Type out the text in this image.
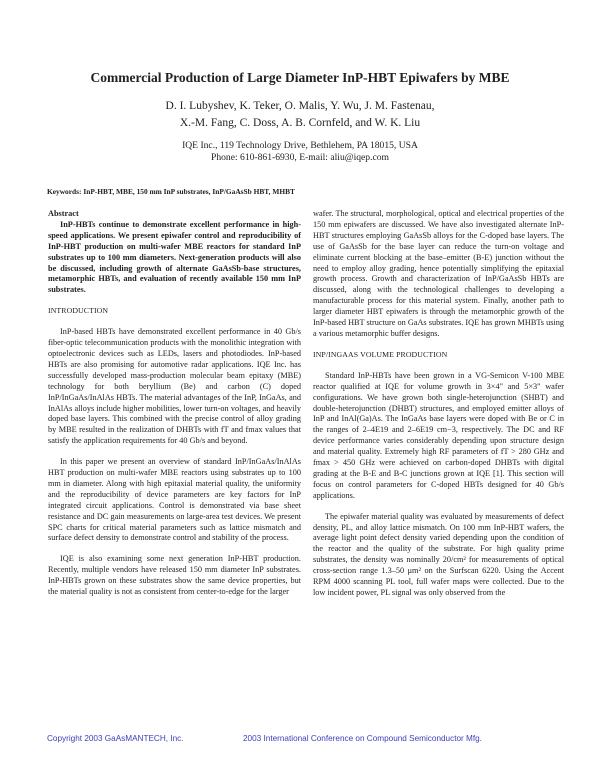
Commercial Production of Large Diameter InP-HBT Epiwafers by MBE
D. I. Lubyshev, K. Teker, O. Malis, Y. Wu, J. M. Fastenau,
X.-M. Fang, C. Doss, A. B. Cornfeld, and W. K. Liu
IQE Inc., 119 Technology Drive, Bethlehem, PA 18015, USA
Phone: 610-861-6930, E-mail: aliu@iqep.com
Keywords: InP-HBT, MBE, 150 mm InP substrates, InP/GaAsSb HBT, MHBT

Abstract

InP-HBTs continue to demonstrate excellent performance in high-speed applications. We present epiwafer control and reproducibility of InP-HBT production on multi-wafer MBE reactors for standard InP substrates up to 100 mm diameters. Next-generation products will also be discussed, including growth of alternate GaAsSb-base structures, metamorphic HBTs, and evaluation of recently available 150 mm InP substrates.

INTRODUCTION

InP-based HBTs have demonstrated excellent performance in 40 Gb/s fiber-optic telecommunication products with the monolithic integration with optoelectronic devices such as LEDs, lasers and photodiodes. InP-based HBTs are also promising for automotive radar applications. IQE Inc. has successfully developed mass-production molecular beam epitaxy (MBE) technology for both beryllium (Be) and carbon (C) doped InP/InGaAs/InAlAs HBTs. The material advantages of the InP, InGaAs, and InAlAs alloys include higher mobilities, lower turn-on voltages, and heavily doped base layers. This combined with the precise control of alloy grading by MBE resulted in the realization of DHBTs with fT and fmax values that satisfy the application requirements for 40 Gb/s and beyond.

In this paper we present an overview of standard InP/InGaAs/InAlAs HBT production on multi-wafer MBE reactors using substrates up to 100 mm in diameter. Along with high epitaxial material quality, the uniformity and the reproducibility of device parameters are key factors for InP integrated circuit applications. Control is demonstrated via base sheet resistance and DC gain measurements on large-area test devices. We present SPC charts for critical material parameters such as lattice mismatch and surface defect density to demonstrate control and stability of the process.

IQE is also examining some next generation InP-HBT production. Recently, multiple vendors have released 150 mm diameter InP substrates. InP-HBTs grown on these substrates show the same device properties, but the material quality is not as consistent from center-to-edge for the larger

wafer. The structural, morphological, optical and electrical properties of the 150 mm epiwafers are discussed. We have also investigated alternate InP-HBT structures employing GaAsSb alloys for the C-doped base layers. The use of GaAsSb for the base layer can reduce the turn-on voltage and eliminate current blocking at the base–emitter (B-E) junction without the need to employ alloy grading, hence potentially simplifying the epitaxial growth process. Growth and characterization of InP/GaAsSb HBTs are discussed, along with the technological challenges to developing a manufacturable process for this material system. Finally, another path to larger diameter HBT epiwafers is through the metamorphic growth of the InP-based HBT structure on GaAs substrates. IQE has grown MHBTs using a various metamorphic buffer designs.

INP/INGAAS VOLUME PRODUCTION

Standard InP-HBTs have been grown in a VG-Semicon V-100 MBE reactor qualified at IQE for volume growth in 3×4" and 5×3" wafer configurations. We have grown both single-heterojunction (SHBT) and double-heterojunction (DHBT) structures, and employed emitter alloys of InP and InAl(Ga)As. The InGaAs base layers were doped with Be or C in the ranges of 2–4E19 and 2–6E19 cm−3, respectively. The DC and RF device performance varies considerably depending upon structure design and material quality. Extremely high RF parameters of fT > 280 GHz and fmax > 450 GHz were achieved on carbon-doped DHBTs with digital grading at the B-E and B-C junctions grown at IQE [1]. This section will focus on control parameters for C-doped HBTs designed for 40 Gb/s applications.

The epiwafer material quality was evaluated by measurements of defect density, PL, and alloy lattice mismatch. On 100 mm InP-HBT wafers, the average light point defect density varied depending upon the condition of the reactor and the quality of the substrate. For high quality prime substrates, the density was nominally 20/cm² for measurements of optical cross-section range 1.3–50 μm² on the Surfscan 6220. Using the Accent RPM 4000 scanning PL tool, full wafer maps were collected. Due to the low incident power, PL signal was only observed from the

Copyright 2003 GaAsMANTECH, Inc.	2003 International Conference on Compound Semiconductor Mfg.
